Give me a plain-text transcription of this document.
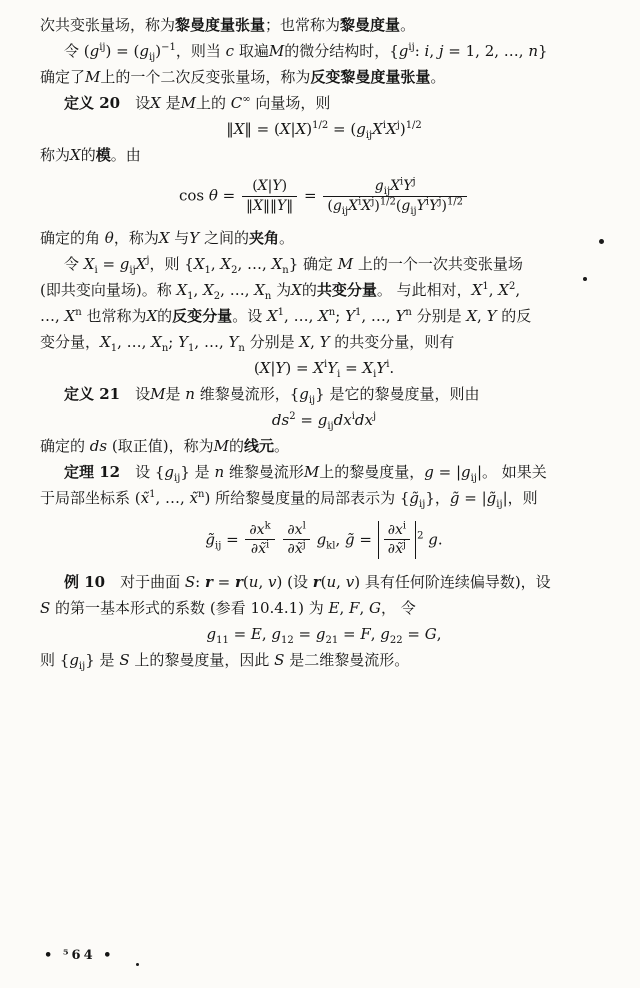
次共变张量场，称为黎曼度量张量；也常称为黎曼度量。
令 $(g^{ij}) = (g_{ij})^{-1}$，则当 c 取遍M的微分结构时，{$g^{ij}$: i, j = 1, 2, …, n}
确定了M上的一个二次反变张量场，称为反变黎曼度量张量。
定义 20　设X 是M上的 C∞ 向量场，则
‖X‖ = $(X|X)^{1/2} = (g_{ij}X^iX^j)^{1/2}$
称为X的模。由
$\cos \theta = \frac{(X|Y)}{‖X‖‖Y‖} = \frac{g_{ij}X^iY^j}{(g_{ij}X^iX^j)^{1/2}(g_{ij}Y^iY^j)^{1/2}}$
确定的角 θ，称为X 与Y 之间的夹角。
令 $X_i = g_{ij}X^j$，则 {$X_1$, $X_2$, …, $X_n$} 确定 M 上的一个一次共变张量场
(即共变向量场)。称 $X_1$, $X_2$, …, $X_n$ 为X的共变分量。 与此相对，$X^1$, $X^2$,
…, $X^n$ 也常称为X的反变分量。设 $X^1$, …, $X^n$; $Y^1$, …, $Y^n$ 分别是 X, Y 的反
变分量，$X_1$, …, $X_n$; $Y_1$, …, $Y_n$ 分别是 X, Y 的共变分量，则有
$(X|Y) = X^iY_i = X_iY^i$.
定义 21　设M是 n 维黎曼流形，$\{g_{ij}\}$ 是它的黎曼度量，则由
$ds^2 = g_{ij}dx^idx^j$
确定的 ds (取正值)，称为M的线元。
定理 12　设 $\{g_{ij}\}$ 是 n 维黎曼流形M上的黎曼度量，$g = |g_{ij}|$。 如果关
于局部坐标系 (x̃$^1$, …, x̃$^n$) 所给黎曼度量的局部表示为 $\{g̃_{ij}\}$，g̃ = $|g̃_{ij}|$，则
$g̃_{ij} = \frac{\partial x^k}{\partial x̃^i}$
$\frac{\partial x^l}{\partial x̃^j} g_{kl}$, g̃ = $\frac{\partial x^i}{\partial x̃^j} ^2$ g.
例 10　对于曲面 S: r = r(u, v) (设 r(u, v) 具有任何阶连续偏导数)，设
S 的第一基本形式的系数 (参看 10.4.1) 为 E, F, G， 令
$g_{11} = E$, $g_{12} = g_{21} = F$, $g_{22} = G$,
则 $\{g_{ij}\}$ 是 S 上的黎曼度量，因此 S 是二维黎曼流形。
• ⁵64 •
